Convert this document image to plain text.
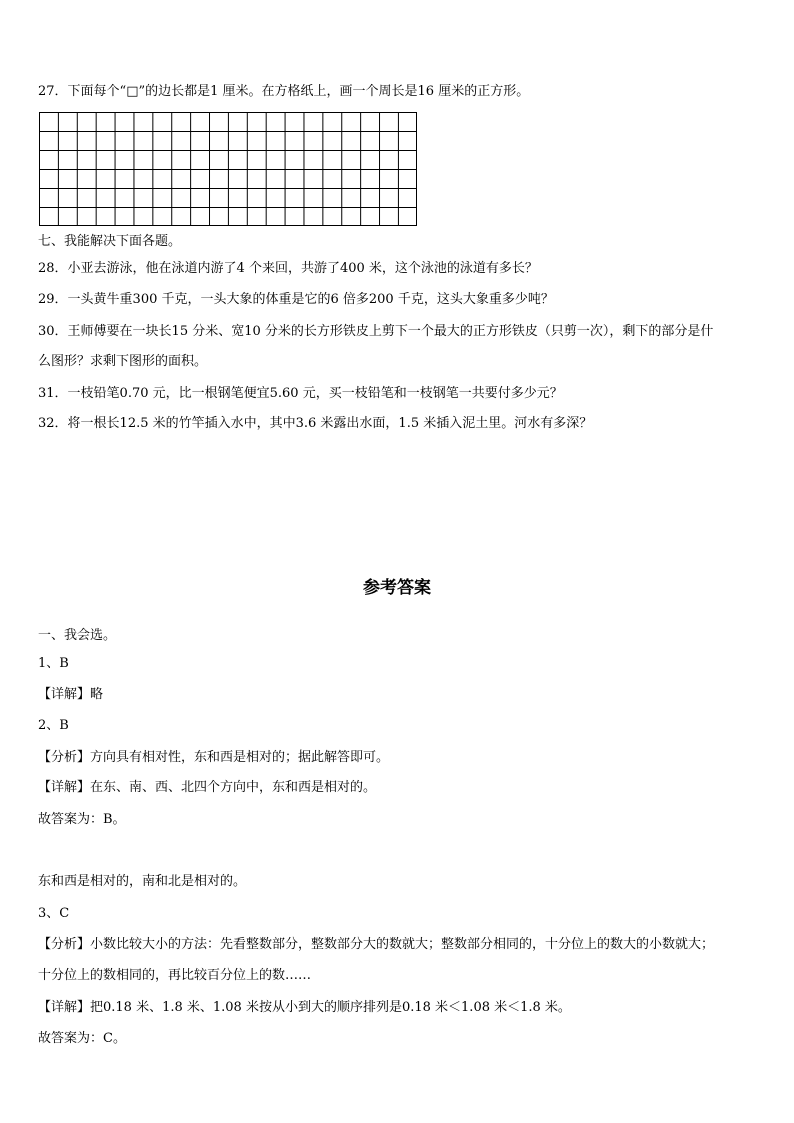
27．下面每个“□”的边长都是1 厘米。在方格纸上，画一个周长是16 厘米的正方形。
七、我能解决下面各题。
28．小亚去游泳，他在泳道内游了4 个来回，共游了400 米，这个泳池的泳道有多长？
29．一头黄牛重300 千克，一头大象的体重是它的6 倍多200 千克，这头大象重多少吨？
30．王师傅要在一块长15 分米、宽10 分米的长方形铁皮上剪下一个最大的正方形铁皮（只剪一次），剩下的部分是什
么图形？求剩下图形的面积。
31．一枝铅笔0.70 元，比一根钢笔便宜5.60 元，买一枝铅笔和一枝钢笔一共要付多少元？
32．将一根长12.5 米的竹竿插入水中，其中3.6 米露出水面，1.5 米插入泥土里。河水有多深？
参考答案
一、我会选。
1、B
【详解】略
2、B
【分析】方向具有相对性，东和西是相对的；据此解答即可。
【详解】在东、南、西、北四个方向中，东和西是相对的。
故答案为：B。
东和西是相对的，南和北是相对的。
3、C
【分析】小数比较大小的方法：先看整数部分，整数部分大的数就大；整数部分相同的，十分位上的数大的小数就大；
十分位上的数相同的，再比较百分位上的数……
【详解】把0.18 米、1.8 米、1.08 米按从小到大的顺序排列是0.18 米＜1.08 米＜1.8 米。
故答案为：C。
